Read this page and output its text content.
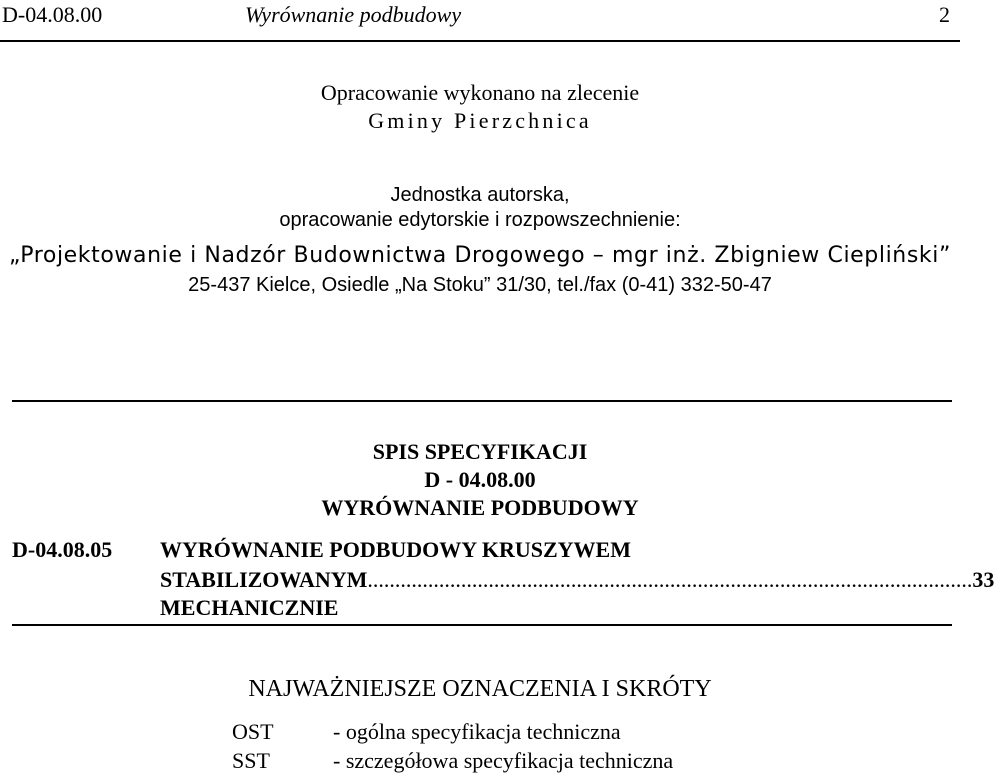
D-04.08.00	Wyrównanie podbudowy	2
Opracowanie wykonano na zlecenie
Gminy Pierzchnica
Jednostka autorska,
opracowanie edytorskie i rozpowszechnienie:
„Projektowanie i Nadzór Budownictwa Drogowego – mgr inż. Zbigniew Ciepliński”
25-437 Kielce, Osiedle „Na Stoku” 31/30, tel./fax (0-41) 332-50-47
SPIS SPECYFIKACJI
D - 04.08.00
WYRÓWNANIE PODBUDOWY
D-04.08.05 WYRÓWNANIE PODBUDOWY KRUSZYWEM
STABILIZOWANYM MECHANICZNIE
.............................................................................................................. 33
NAJWAŻNIEJSZE OZNACZENIA I SKRÓTY
OST	- ogólna specyfikacja techniczna
SST	- szczegółowa specyfikacja techniczna
